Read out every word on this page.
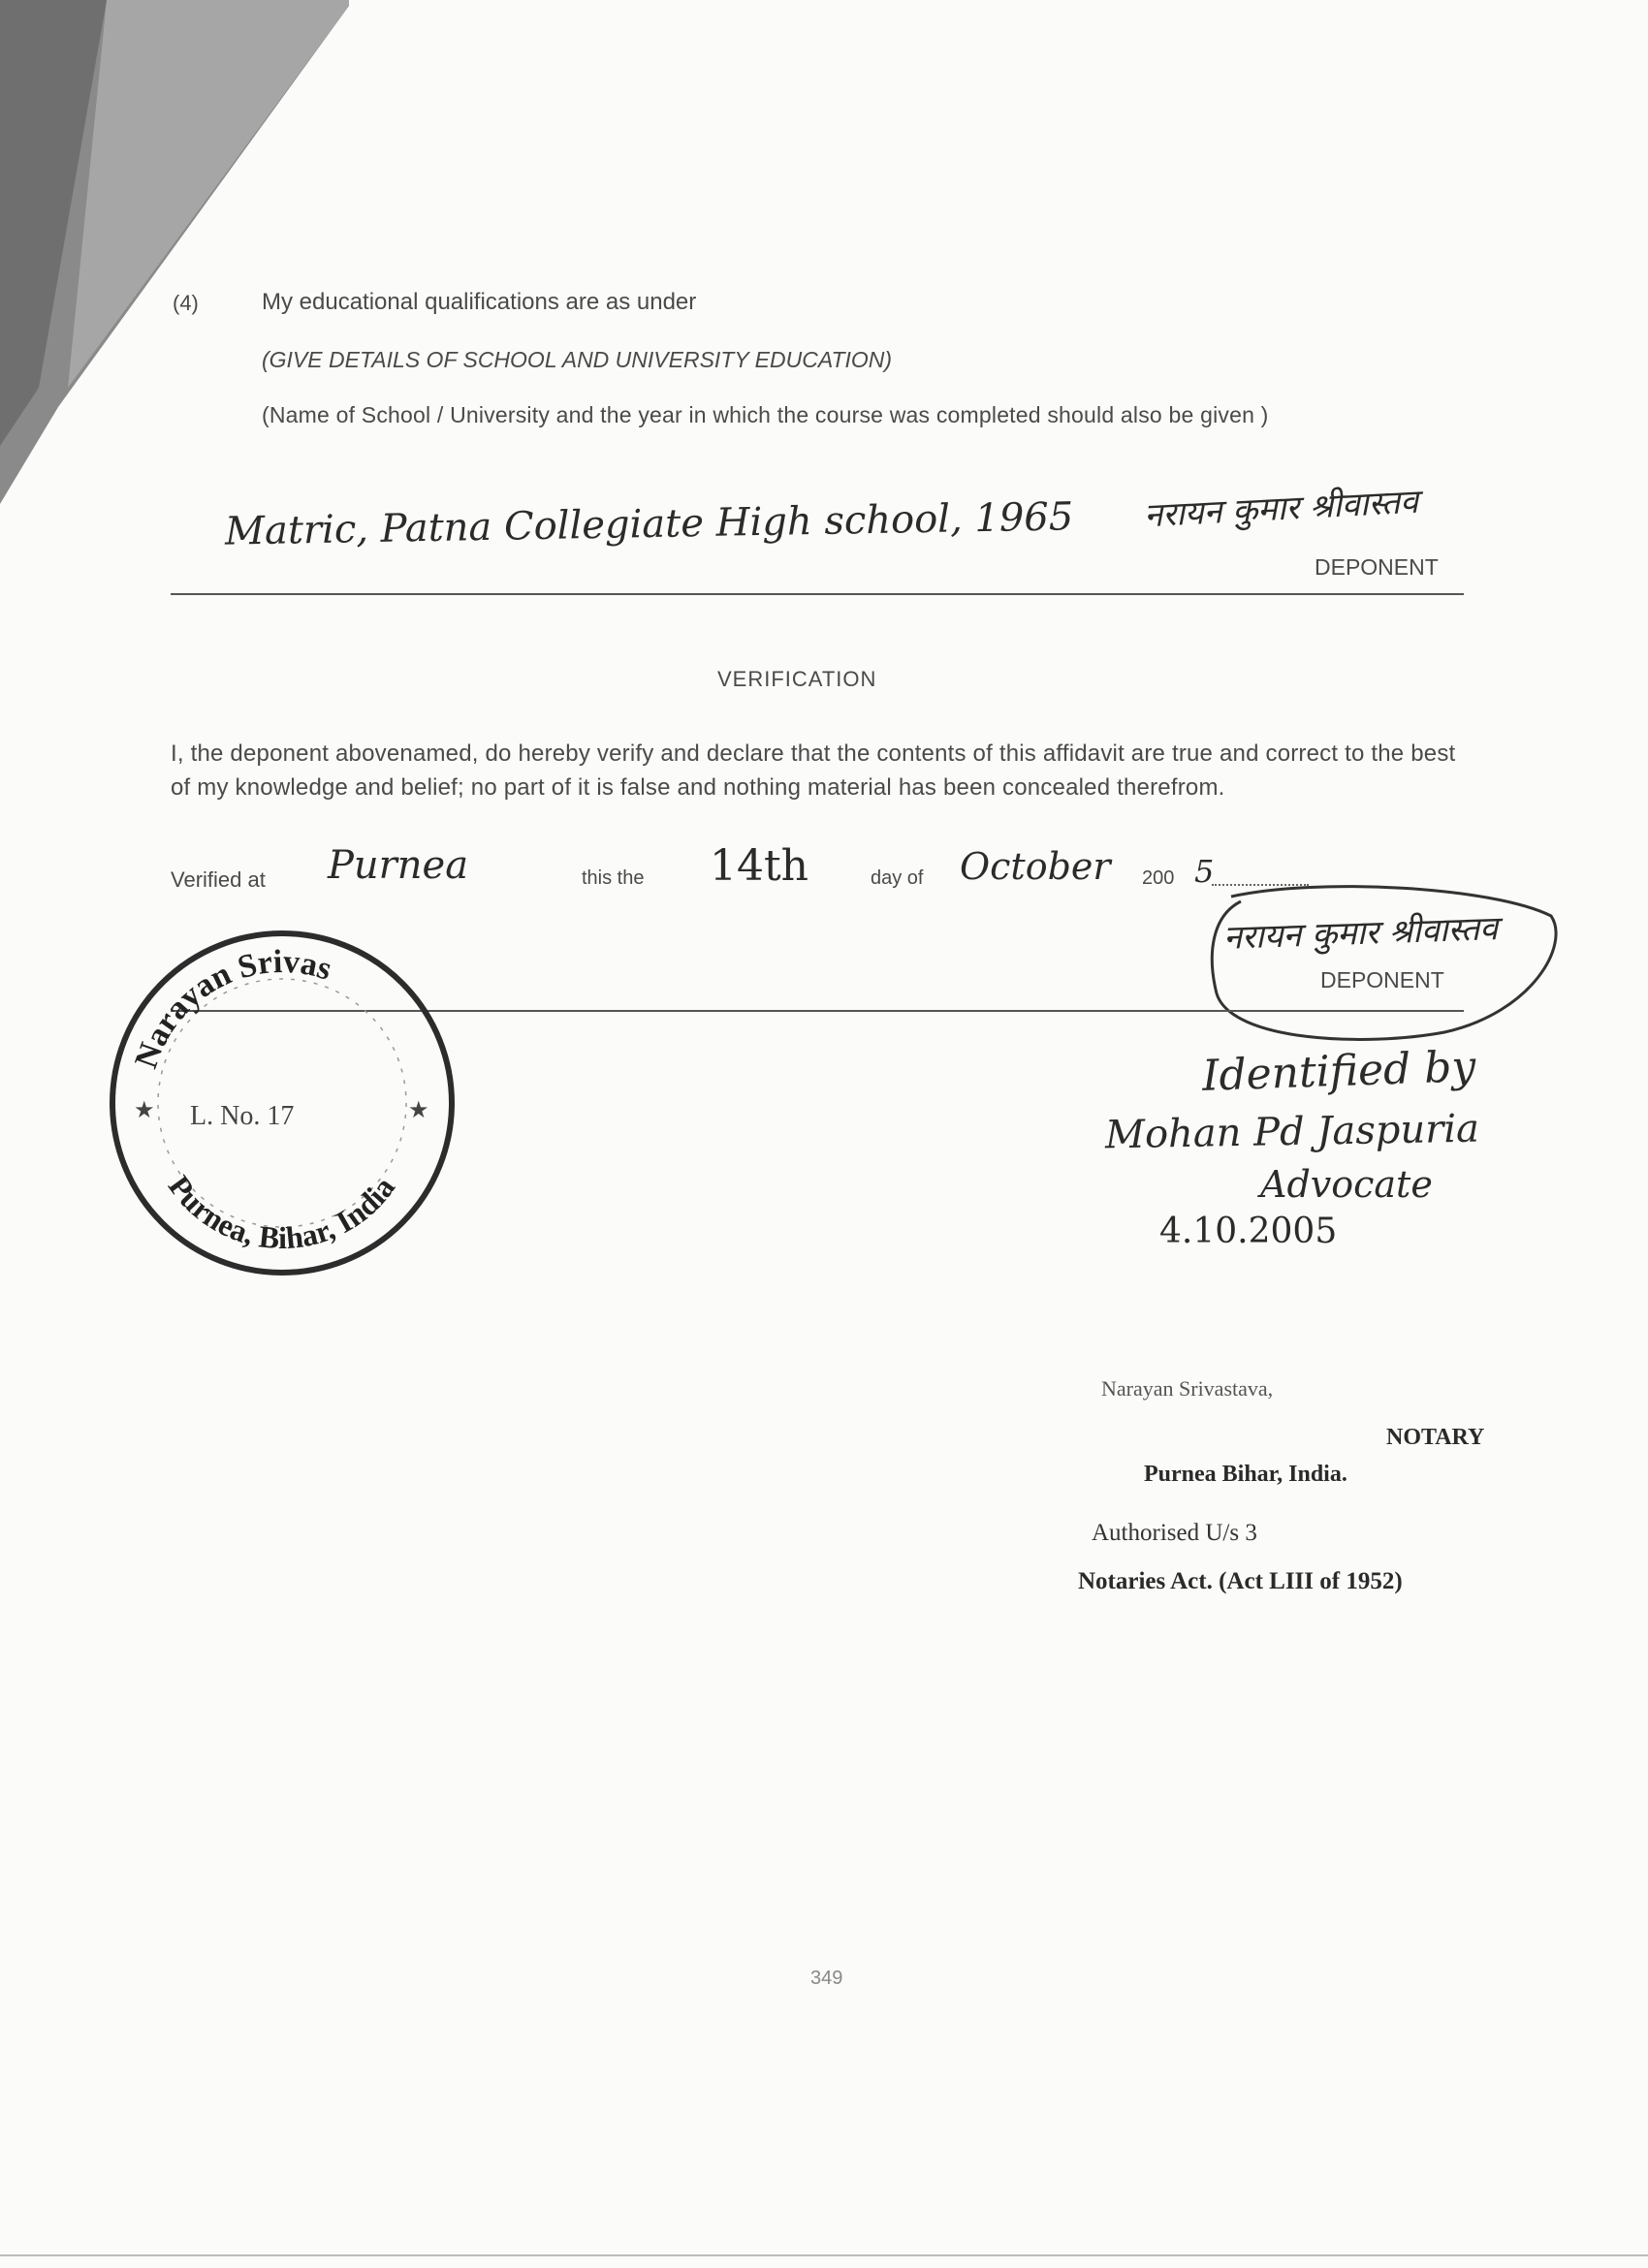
(4)	My educational qualifications are as under
(GIVE DETAILS OF SCHOOL AND UNIVERSITY EDUCATION)
(Name of School / University and the year in which the course was completed should also be given )
Matric, Patna Collegiate High school, 1965 नरायन कुमार श्रीवास्तव
DEPONENT
VERIFICATION
I, the deponent abovenamed, do hereby verify and declare that the contents of this affidavit are true and correct to the best of my knowledge and belief; no part of it is false and nothing material has been concealed therefrom.
Verified at Purnea	this the 14th	day of October 200 5
नरायन कुमार श्रीवास्तव
DEPONENT
Narayan Srivas
Purnea, Bihar, India
L. No. 17
★	★
Identified by
Mohan Pd Jaspuria
Advocate
4.10.2005
Narayan Srivastava,
NOTARY
Purnea Bihar, India.
Authorised U/s 3
Notaries Act. (Act LIII of 1952)
349
